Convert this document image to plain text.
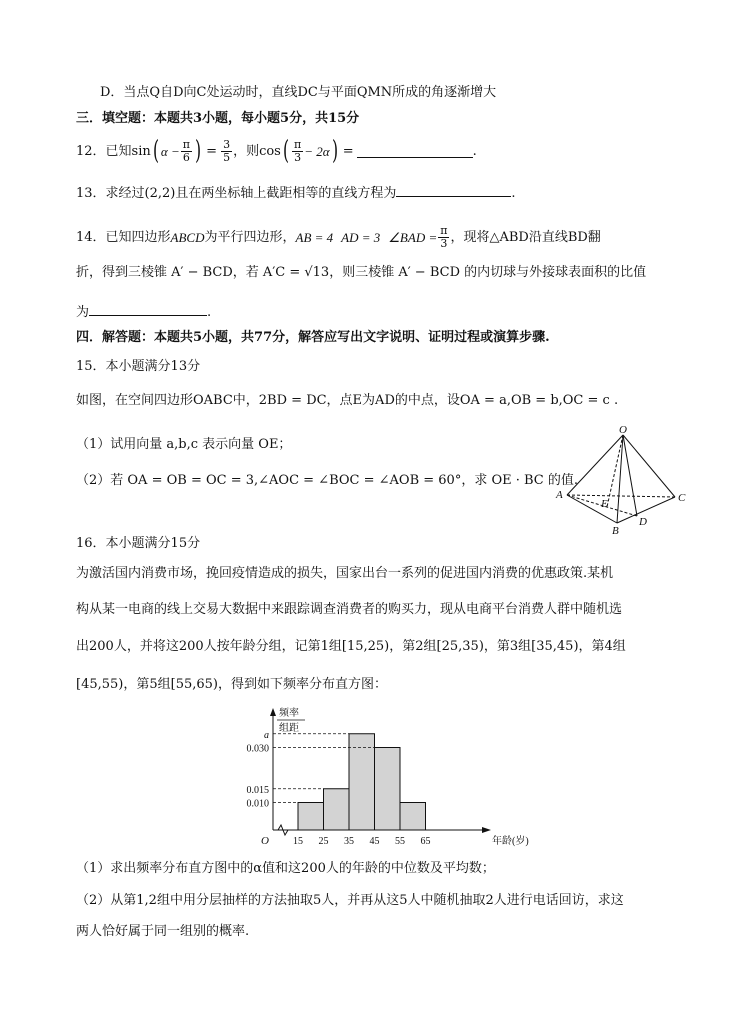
D．当点Q自D向C处运动时，直线DC与平面QMN所成的角逐渐增大
三．填空题：本题共3小题，每小题5分，共15分
12．已知 sin ( $\alpha - \frac{\pi}{6}$ ) = $\frac{3}{5}$ ，则 cos ( $\frac{\pi}{3} - 2\alpha$ ) =	.
13．求经过(2,2)且在两坐标轴上截距相等的直线方程为	.
14．已知四边形 ABCD 为平行四边形， AB = 4 AD = 3 ∠BAD = $\frac{\pi}{3}$ ，现将△ABD沿直线BD翻
折，得到三棱锥 A′ − BCD，若 A′C = √13，则三棱锥 A′ − BCD 的内切球与外接球表面积的比值
为	.
四．解答题：本题共5小题，共77分，解答应写出文字说明、证明过程或演算步骤.
15．本小题满分13分
如图，在空间四边形OABC中，2BD = DC，点E为AD的中点，设OA = a,OB = b,OC = c .
（1）试用向量 a,b,c 表示向量 OE；
（2）若 OA = OB = OC = 3,∠AOC = ∠BOC = ∠AOB = 60°，求 OE · BC 的值.
O
A	C
B
D
E
16．本小题满分15分
为激活国内消费市场，挽回疫情造成的损失，国家出台一系列的促进国内消费的优惠政策.某机
构从某一电商的线上交易大数据中来跟踪调查消费者的购买力，现从电商平台消费人群中随机选
出200人，并将这200人按年龄分组，记第1组[15,25)，第2组[25,35)，第3组[35,45)，第4组
[45,55)，第5组[55,65)，得到如下频率分布直方图：
0.010
0.015
0.030
a
15 25 35 45 55 65
O
频率
组距
年龄(岁)
（1）求出频率分布直方图中的α值和这200人的年龄的中位数及平均数；
（2）从第1,2组中用分层抽样的方法抽取5人，并再从这5人中随机抽取2人进行电话回访，求这
两人恰好属于同一组别的概率.
